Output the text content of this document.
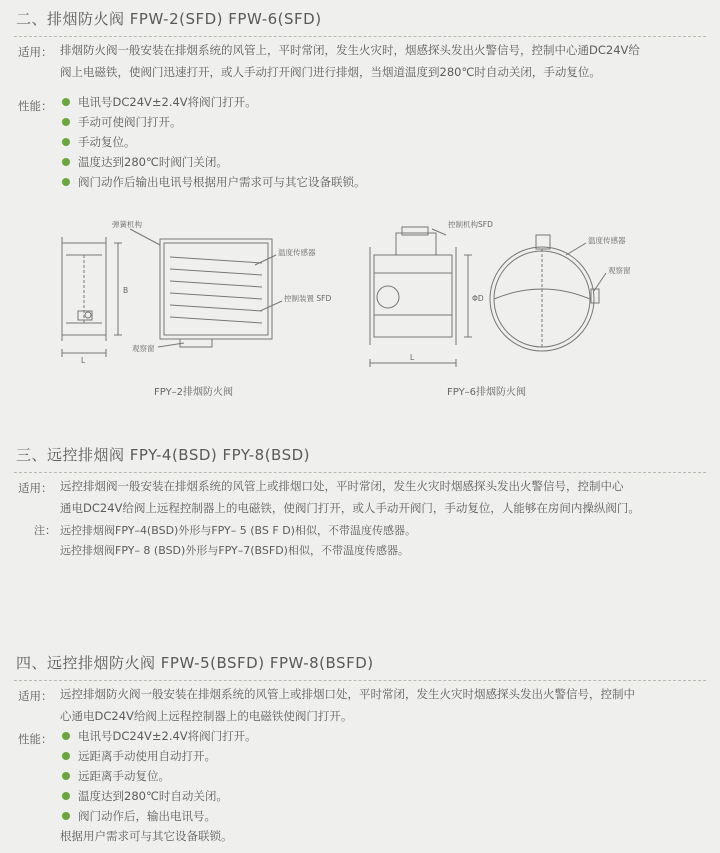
二、排烟防火阀 FPW-2(SFD) FPW-6(SFD)
适用： 排烟防火阀一般安装在排烟系统的风管上，平时常闭，发生火灾时，烟感探头发出火警信号，控制中心通DC24V给
阀上电磁铁，使阀门迅速打开，或人手动打开阀门进行排烟，当烟道温度到280℃时自动关闭，手动复位。
性能：	电讯号DC24V±2.4V将阀门打开。
手动可使阀门打开。
手动复位。
温度达到280℃时阀门关闭。
阀门动作后输出电讯号根据用户需求可与其它设备联锁。
弹簧机构
温度传感器
控制装置 SFD
观察窗
B
L
FPY–2排烟防火阀
控制机构SFD
温度传感器
观察窗
ΦD
L
FPY–6排烟防火阀
三、远控排烟阀 FPY-4(BSD) FPY-8(BSD)
适用： 远控排烟阀一般安装在排烟系统的风管上或排烟口处，平时常闭，发生火灾时烟感探头发出火警信号，控制中心
通电DC24V给阀上远程控制器上的电磁铁，使阀门打开，或人手动开阀门，手动复位，人能够在房间内操纵阀门。
注： 远控排烟阀FPY–4(BSD)外形与FPY– 5 (BS F D)相似，不带温度传感器。
远控排烟阀FPY– 8 (BSD)外形与FPY–7(BSFD)相似，不带温度传感器。
四、远控排烟防火阀 FPW-5(BSFD) FPW-8(BSFD)
适用： 远控排烟防火阀一般安装在排烟系统的风管上或排烟口处，平时常闭，发生火灾时烟感探头发出火警信号，控制中
心通电DC24V给阀上远程控制器上的电磁铁使阀门打开。
性能：	电讯号DC24V±2.4V将阀门打开。
远距离手动使用自动打开。
远距离手动复位。
温度达到280℃时自动关闭。
阀门动作后，输出电讯号。
根据用户需求可与其它设备联锁。
